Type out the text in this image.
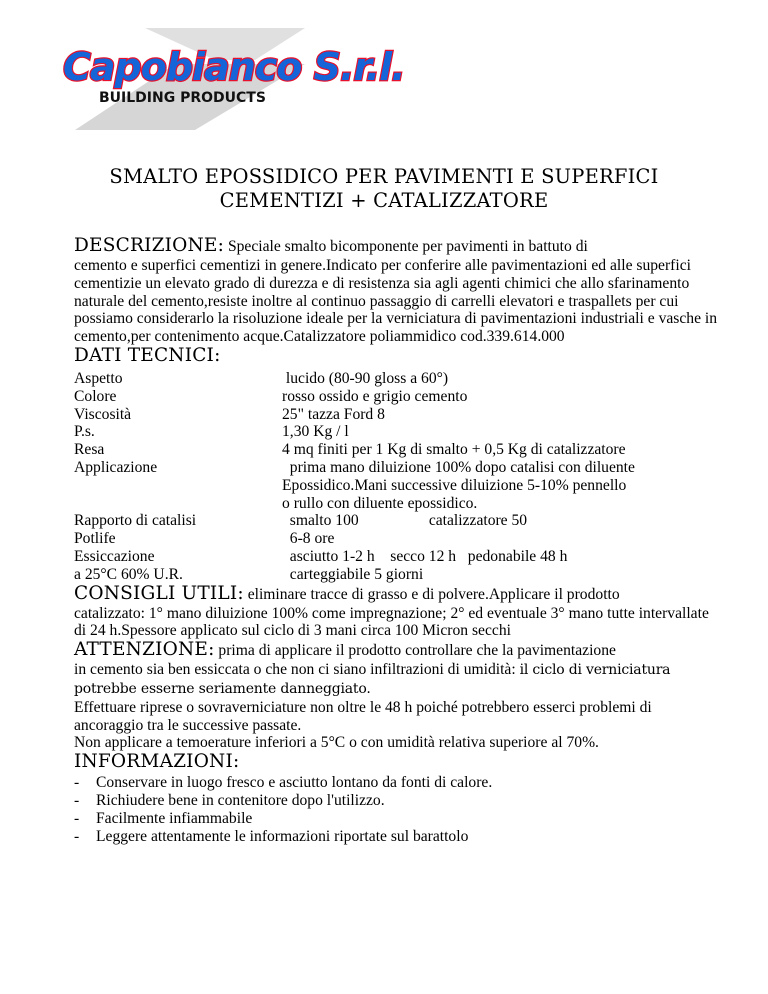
Capobianco S.r.l.
BUILDING PRODUCTS
SMALTO EPOSSIDICO PER PAVIMENTI E SUPERFICI
CEMENTIZI + CATALIZZATORE

DESCRIZIONE: Speciale smalto bicomponente per pavimenti in battuto di

cemento e superfici cementizi in genere.Indicato per conferire alle pavimentazioni ed alle superfici cementizie un elevato grado di durezza e di resistenza sia agli agenti chimici che allo sfarinamento naturale del cemento,resiste inoltre al continuo passaggio di carrelli elevatori e traspallets per cui possiamo considerarlo la risoluzione ideale per la verniciatura di pavimentazioni industriali e vasche in cemento,per contenimento acque.Catalizzatore poliammidico cod.339.614.000

DATI TECNICI:

Aspetto	lucido (80-90 gloss a 60°)
Colore	rosso ossido e grigio cemento
Viscosità	25" tazza Ford 8
P.s.	1,30 Kg / l
Resa	4 mq finiti per 1 Kg di smalto + 0,5 Kg di catalizzatore
Applicazione	prima mano diluizione 100% dopo catalisi con diluente
Epossidico.Mani successive diluizione 5-10% pennello
o rullo con diluente epossidico.
Rapporto di catalisi	smalto 100                  catalizzatore 50
Potlife	6-8 ore
Essiccazione	asciutto 1-2 h    secco 12 h   pedonabile 48 h
a 25°C 60% U.R.	carteggiabile 5 giorni

CONSIGLI UTILI: eliminare tracce di grasso e di polvere.Applicare il prodotto

catalizzato: 1° mano diluizione 100% come impregnazione; 2° ed eventuale 3° mano tutte intervallate di 24 h.Spessore applicato sul ciclo di 3 mani circa 100 Micron secchi

ATTENZIONE: prima di applicare il prodotto controllare che la pavimentazione

in cemento sia ben essiccata o che non ci siano infiltrazioni di umidità: il ciclo di verniciatura potrebbe esserne seriamente danneggiato.

Effettuare riprese o sovraverniciature non oltre le 48 h poiché potrebbero esserci problemi di ancoraggio tra le successive passate.

Non applicare a temoerature inferiori a 5°C o con umidità relativa superiore al 70%.

INFORMAZIONI:

- Conservare in luogo fresco e asciutto lontano da fonti di calore.
- Richiudere bene in contenitore dopo l'utilizzo.
- Facilmente infiammabile
- Leggere attentamente le informazioni riportate sul barattolo
